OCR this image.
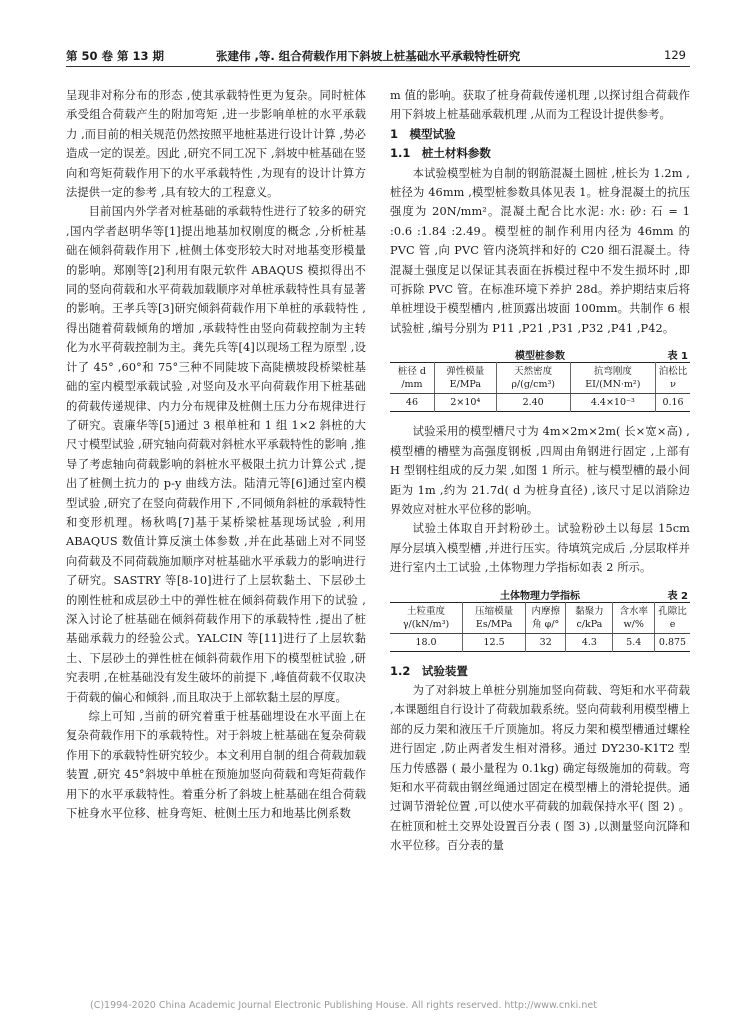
第 50 卷 第 13 期	张建伟 ,等. 组合荷载作用下斜坡上桩基础水平承载特性研究	129

呈现非对称分布的形态 ,使其承载特性更为复杂。同时桩体承受组合荷载产生的附加弯矩 ,进一步影响单桩的水平承载力 ,而目前的相关规范仍然按照平地桩基进行设计计算 ,势必造成一定的误差。因此 ,研究不同工况下 ,斜坡中桩基础在竖向和弯矩荷载作用下的水平承载特性 ,为现有的设计计算方法提供一定的参考 ,具有较大的工程意义。

目前国内外学者对桩基础的承载特性进行了较多的研究 ,国内学者赵明华等[1]提出地基加权刚度的概念 ,分析桩基础在倾斜荷载作用下 ,桩侧土体变形较大时对地基变形模量的影响。郑刚等[2]利用有限元软件 ABAQUS 模拟得出不同的竖向荷载和水平荷载加载顺序对单桩承载特性具有显著的影响。王孝兵等[3]研究倾斜荷载作用下单桩的承载特性 ,得出随着荷载倾角的增加 ,承载特性由竖向荷载控制为主转化为水平荷载控制为主。龚先兵等[4]以现场工程为原型 ,设计了 45° ,60°和 75°三种不同陡坡下高陡横坡段桥梁桩基础的室内模型承载试验 ,对竖向及水平向荷载作用下桩基础的荷载传递规律、内力分布规律及桩侧土压力分布规律进行了研究。袁廉华等[5]通过 3 根单桩和 1 组 1×2 斜桩的大尺寸模型试验 ,研究轴向荷载对斜桩水平承载特性的影响 ,推导了考虑轴向荷载影响的斜桩水平极限土抗力计算公式 ,提出了桩侧土抗力的 p-y 曲线方法。陆清元等[6]通过室内模型试验 ,研究了在竖向荷载作用下 ,不同倾角斜桩的承载特性和变形机理。杨秋鸣[7]基于某桥梁桩基现场试验 ,利用 ABAQUS 数值计算反演土体参数 ,并在此基础上对不同竖向荷载及不同荷载施加顺序对桩基础水平承载力的影响进行了研究。SASTRY 等[8-10]进行了上层软黏土、下层砂土的刚性桩和成层砂土中的弹性桩在倾斜荷载作用下的试验 ,深入讨论了桩基础在倾斜荷载作用下的承载特性 ,提出了桩基础承载力的经验公式。YALCIN 等[11]进行了上层软黏土、下层砂土的弹性桩在倾斜荷载作用下的模型桩试验 ,研究表明 ,在桩基础没有发生破坏的前提下 ,峰值荷载不仅取决于荷载的偏心和倾斜 ,而且取决于上部软黏土层的厚度。

综上可知 ,当前的研究着重于桩基础埋设在水平面上在复杂荷载作用下的承载特性。对于斜坡上桩基础在复杂荷载作用下的承载特性研究较少。本文利用自制的组合荷载加载装置 ,研究 45°斜坡中单桩在预施加竖向荷载和弯矩荷载作用下的水平承载特性。着重分析了斜坡上桩基础在组合荷载下桩身水平位移、桩身弯矩、桩侧土压力和地基比例系数

m 值的影响。获取了桩身荷载传递机理 ,以探讨组合荷载作用下斜坡上桩基础承载机理 ,从而为工程设计提供参考。

1　模型试验
1.1　桩土材料参数

本试验模型桩为自制的钢筋混凝土圆桩 ,桩长为 1.2m ,桩径为 46mm ,模型桩参数具体见表 1。桩身混凝土的抗压强度为 20N/mm²。混凝土配合比水泥: 水: 砂: 石 = 1 :0.6 :1.84 :2.49。模型桩的制作利用内径为 46mm 的 PVC 管 ,向 PVC 管内浇筑拌和好的 C20 细石混凝土。待混凝土强度足以保证其表面在拆模过程中不发生损坏时 ,即可拆除 PVC 管。在标准环境下养护 28d。养护期结束后将单桩埋设于模型槽内 ,桩顶露出坡面 100mm。共制作 6 根试验桩 ,编号分别为 P11 ,P21 ,P31 ,P32 ,P41 ,P42。

模型桩参数	表 1
桩径 d /mm	弹性模量 E/MPa	天然密度 ρ/(g/cm³)	抗弯刚度 EI/(MN·m²)	泊松比 ν
46	2×10⁴	2.40	4.4×10⁻³	0.16

试验采用的模型槽尺寸为 4m×2m×2m( 长×宽×高) ,模型槽的槽壁为高强度钢板 ,四周由角钢进行固定 ,上部有 H 型钢柱组成的反力架 ,如图 1 所示。桩与模型槽的最小间距为 1m ,约为 21.7d( d 为桩身直径) ,该尺寸足以消除边界效应对桩水平位移的影响。

试验土体取自开封粉砂土。试验粉砂土以每层 15cm 厚分层填入模型槽 ,并进行压实。待填筑完成后 ,分层取样并进行室内土工试验 ,土体物理力学指标如表 2 所示。

土体物理力学指标	表 2
土粒重度 γ/(kN/m³)	压缩模量 Es/MPa	内摩擦角 φ/°	黏聚力 c/kPa	含水率 w/%	孔隙比 e
18.0	12.5	32	4.3	5.4	0.875
1.2　试验装置

为了对斜坡上单桩分别施加竖向荷载、弯矩和水平荷载 ,本课题组自行设计了荷载加载系统。竖向荷载利用模型槽上部的反力架和液压千斤顶施加。将反力架和模型槽通过螺栓进行固定 ,防止两者发生相对滑移。通过 DY230-K1T2 型压力传感器 ( 最小量程为 0.1kg) 确定每级施加的荷载。弯矩和水平荷载由钢丝绳通过固定在模型槽上的滑轮提供。通过调节滑轮位置 ,可以使水平荷载的加载保持水平( 图 2) 。在桩顶和桩土交界处设置百分表 ( 图 3) ,以测量竖向沉降和水平位移。百分表的量

(C)1994-2020 China Academic Journal Electronic Publishing House. All rights reserved. http://www.cnki.net
